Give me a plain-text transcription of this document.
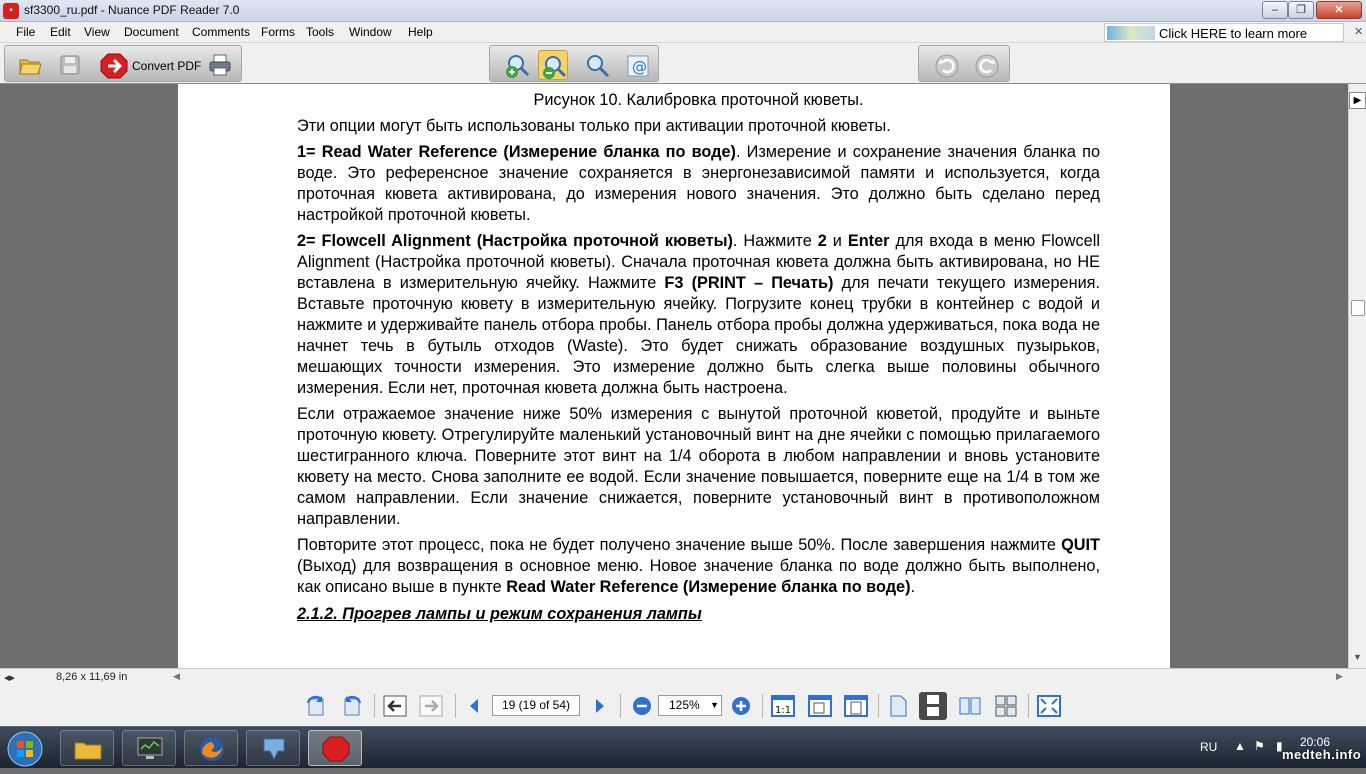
▪ sf3300_ru.pdf - Nuance PDF Reader 7.0	–	❐	✕
File Edit View Document Comments Forms Tools Window Help	Click HERE to learn more	✕
Convert PDF	@

Рисунок 10. Калибровка проточной кюветы.

Эти опции могут быть использованы только при активации проточной кюветы.

1= Read Water Reference (Измерение бланка по воде). Измерение и сохранение значения бланка по воде. Это референсное значение сохраняется в энергонезависимой памяти и используется, когда проточная кювета активирована, до измерения нового значения. Это должно быть сделано перед настройкой проточной кюветы.

2= Flowcell Alignment (Настройка проточной кюветы). Нажмите 2 и Enter для входа в меню Flowcell Alignment (Настройка проточной кюветы). Сначала проточная кювета должна быть активирована, но НЕ вставлена в измерительную ячейку. Нажмите F3 (PRINT – Печать) для печати текущего измерения. Вставьте проточную кювету в измерительную ячейку. Погрузите конец трубки в контейнер с водой и нажмите и удерживайте панель отбора пробы. Панель отбора пробы должна удерживаться, пока вода не начнет течь в бутыль отходов (Waste). Это будет снижать образование воздушных пузырьков, мешающих точности измерения. Это измерение должно быть слегка выше половины обычного измерения. Если нет, проточная кювета должна быть настроена.

Если отражаемое значение ниже 50% измерения с вынутой проточной кюветой, продуйте и выньте проточную кювету. Отрегулируйте маленький установочный винт на дне ячейки с помощью прилагаемого шестигранного ключа. Поверните этот винт на 1/4 оборота в любом направлении и вновь установите кювету на место. Снова заполните ее водой. Если значение повышается, поверните еще на 1/4 в том же самом направлении. Если значение снижается, поверните установочный винт в противоположном направлении.

Повторите этот процесс, пока не будет получено значение выше 50%. После завершения нажмите QUIT (Выход) для возвращения в основное меню. Новое значение бланка по воде должно быть выполнено, как описано выше в пункте Read Water Reference (Измерение бланка по воде).

2.1.2. Прогрев лампы и режим сохранения лампы

▶
▼
◂▸	8,26 x 11,69 in	◀	▶
19 (19 of 54)	125% ▼	1:1
RU ▲ ⚑ ▮ 20:06
medteh.info
